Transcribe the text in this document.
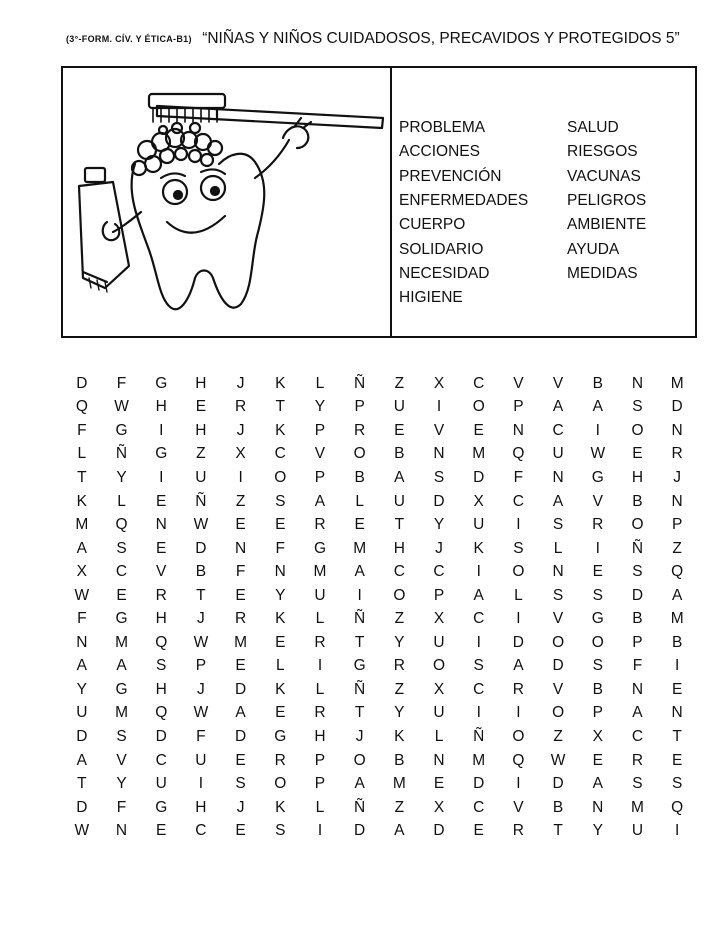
(3°-FORM. CÍV. Y ÉTICA-B1) “NIÑAS Y NIÑOS CUIDADOSOS, PRECAVIDOS Y PROTEGIDOS 5”
PROBLEMA	SALUD
ACCIONES	RIESGOS
PREVENCIÓN	VACUNAS
ENFERMEDADES	PELIGROS
CUERPO	AMBIENTE
SOLIDARIO	AYUDA
NECESIDAD	MEDIDAS
HIGIENE
D	F	G	H	J	K	L	Ñ	Z	X	C	V	V	B	N	M
Q	W	H	E	R	T	Y	P	U	I	O	P	A	A	S	D
F	G	I	H	J	K	P	R	E	V	E	N	C	I	O	N
L	Ñ	G	Z	X	C	V	O	B	N	M	Q	U	W	E	R
T	Y	I	U	I	O	P	B	A	S	D	F	N	G	H	J
K	L	E	Ñ	Z	S	A	L	U	D	X	C	A	V	B	N
M	Q	N	W	E	E	R	E	T	Y	U	I	S	R	O	P
A	S	E	D	N	F	G	M	H	J	K	S	L	I	Ñ	Z
X	C	V	B	F	N	M	A	C	C	I	O	N	E	S	Q
W	E	R	T	E	Y	U	I	O	P	A	L	S	S	D	A
F	G	H	J	R	K	L	Ñ	Z	X	C	I	V	G	B	M
N	M	Q	W	M	E	R	T	Y	U	I	D	O	O	P	B
A	A	S	P	E	L	I	G	R	O	S	A	D	S	F	I
Y	G	H	J	D	K	L	Ñ	Z	X	C	R	V	B	N	E
U	M	Q	W	A	E	R	T	Y	U	I	I	O	P	A	N
D	S	D	F	D	G	H	J	K	L	Ñ	O	Z	X	C	T
A	V	C	U	E	R	P	O	B	N	M	Q	W	E	R	E
T	Y	U	I	S	O	P	A	M	E	D	I	D	A	S	S
D	F	G	H	J	K	L	Ñ	Z	X	C	V	B	N	M	Q
W	N	E	C	E	S	I	D	A	D	E	R	T	Y	U	I
